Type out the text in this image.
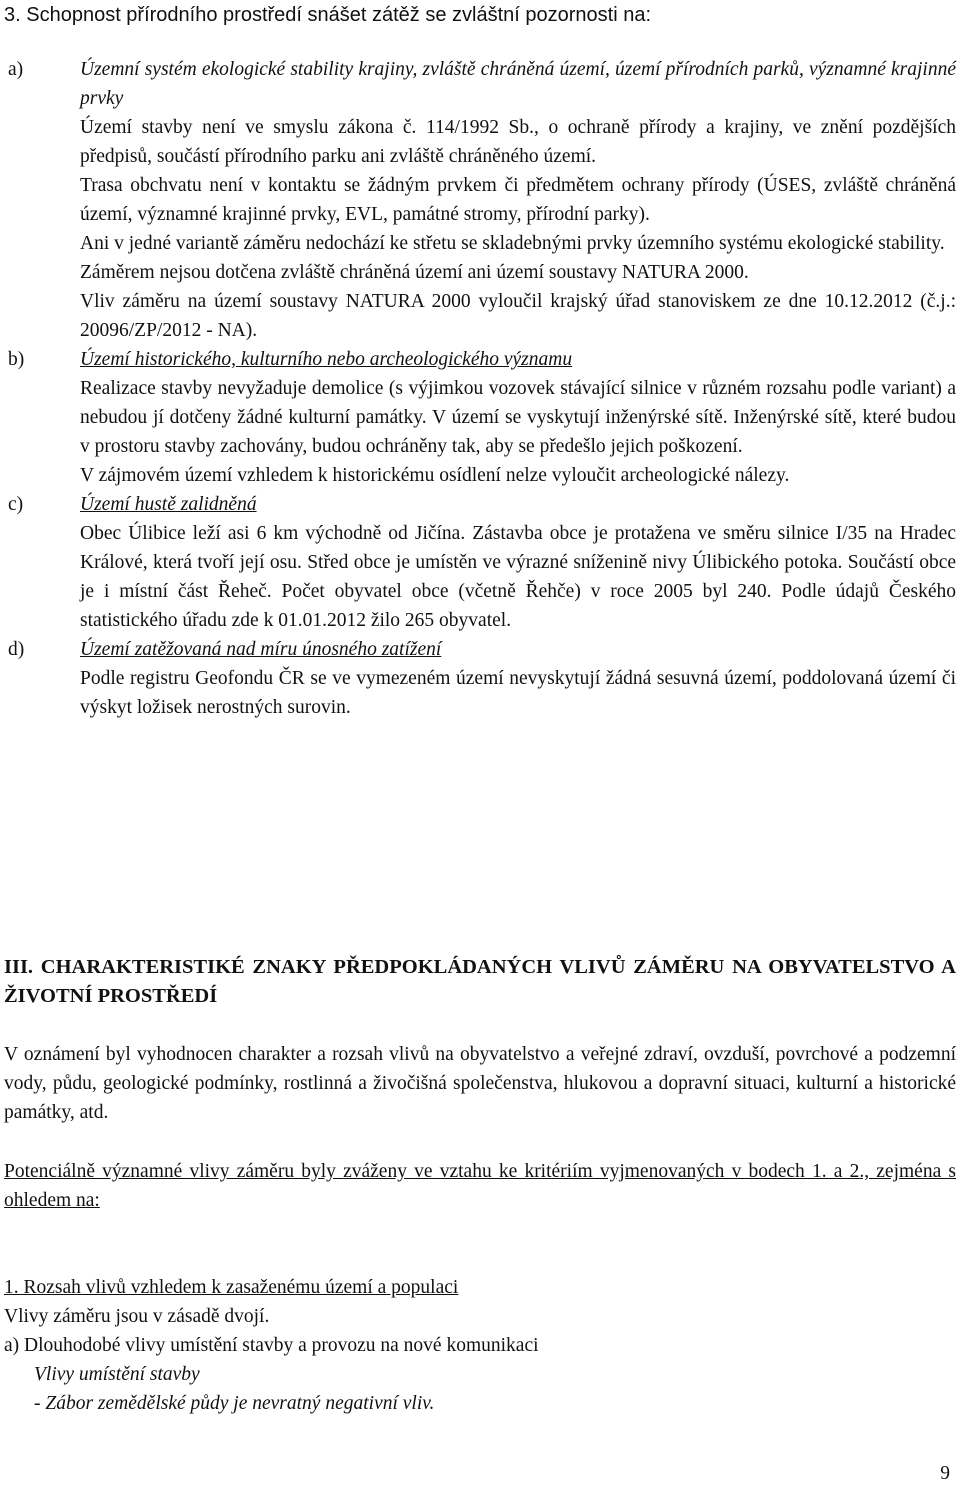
3. Schopnost přírodního prostředí snášet zátěž se zvláštní pozornosti na:
a)	Územní systém ekologické stability krajiny, zvláště chráněná území, území přírodních parků, významné krajinné prvky

Území stavby není ve smyslu zákona č. 114/1992 Sb., o ochraně přírody a krajiny, ve znění pozdějších předpisů, součástí přírodního parku ani zvláště chráněného území.

Trasa obchvatu není v kontaktu se žádným prvkem či předmětem ochrany přírody (ÚSES, zvláště chráněná území, významné krajinné prvky, EVL, památné stromy, přírodní parky).

Ani v jedné variantě záměru nedochází ke střetu se skladebnými prvky územního systému ekologické stability.

Záměrem nejsou dotčena zvláště chráněná území ani území soustavy NATURA 2000.

Vliv záměru na území soustavy NATURA 2000 vyloučil krajský úřad stanoviskem ze dne 10.12.2012 (č.j.: 20096/ZP/2012 - NA).

b)	Území historického, kulturního nebo archeologického významu

Realizace stavby nevyžaduje demolice (s výjimkou vozovek stávající silnice v různém rozsahu podle variant) a nebudou jí dotčeny žádné kulturní památky. V území se vyskytují inženýrské sítě. Inženýrské sítě, které budou v prostoru stavby zachovány, budou ochráněny tak, aby se předešlo jejich poškození.

V zájmovém území vzhledem k historickému osídlení nelze vyloučit archeologické nálezy.

c)	Území hustě zalidněná

Obec Úlibice leží asi 6 km východně od Jičína. Zástavba obce je protažena ve směru silnice I/35 na Hradec Králové, která tvoří její osu. Střed obce je umístěn ve výrazné sníženině nivy Úlibického potoka. Součástí obce je i místní část Řeheč. Počet obyvatel obce (včetně Řehče) v roce 2005 byl 240. Podle údajů Českého statistického úřadu zde k 01.01.2012 žilo 265 obyvatel.

d)	Území zatěžovaná nad míru únosného zatížení

Podle registru Geofondu ČR se ve vymezeném území nevyskytují žádná sesuvná území, poddolovaná území či výskyt ložisek nerostných surovin.

III. CHARAKTERISTIKÉ ZNAKY PŘEDPOKLÁDANÝCH VLIVŮ ZÁMĚRU NA OBYVATELSTVO A ŽIVOTNÍ PROSTŘEDÍ

V oznámení byl vyhodnocen charakter a rozsah vlivů na obyvatelstvo a veřejné zdraví, ovzduší, povrchové a podzemní vody, půdu, geologické podmínky, rostlinná a živočišná společenstva, hlukovou a dopravní situaci, kulturní a historické památky, atd.

Potenciálně významné vlivy záměru byly zváženy ve vztahu ke kritériím vyjmenovaných v bodech 1. a 2., zejména s ohledem na:

1. Rozsah vlivů vzhledem k zasaženému území a populaci

Vlivy záměru jsou v zásadě dvojí.

a) Dlouhodobé vlivy umístění stavby a provozu na nové komunikaci

Vlivy umístění stavby

- Zábor zemědělské půdy je nevratný negativní vliv.

9
